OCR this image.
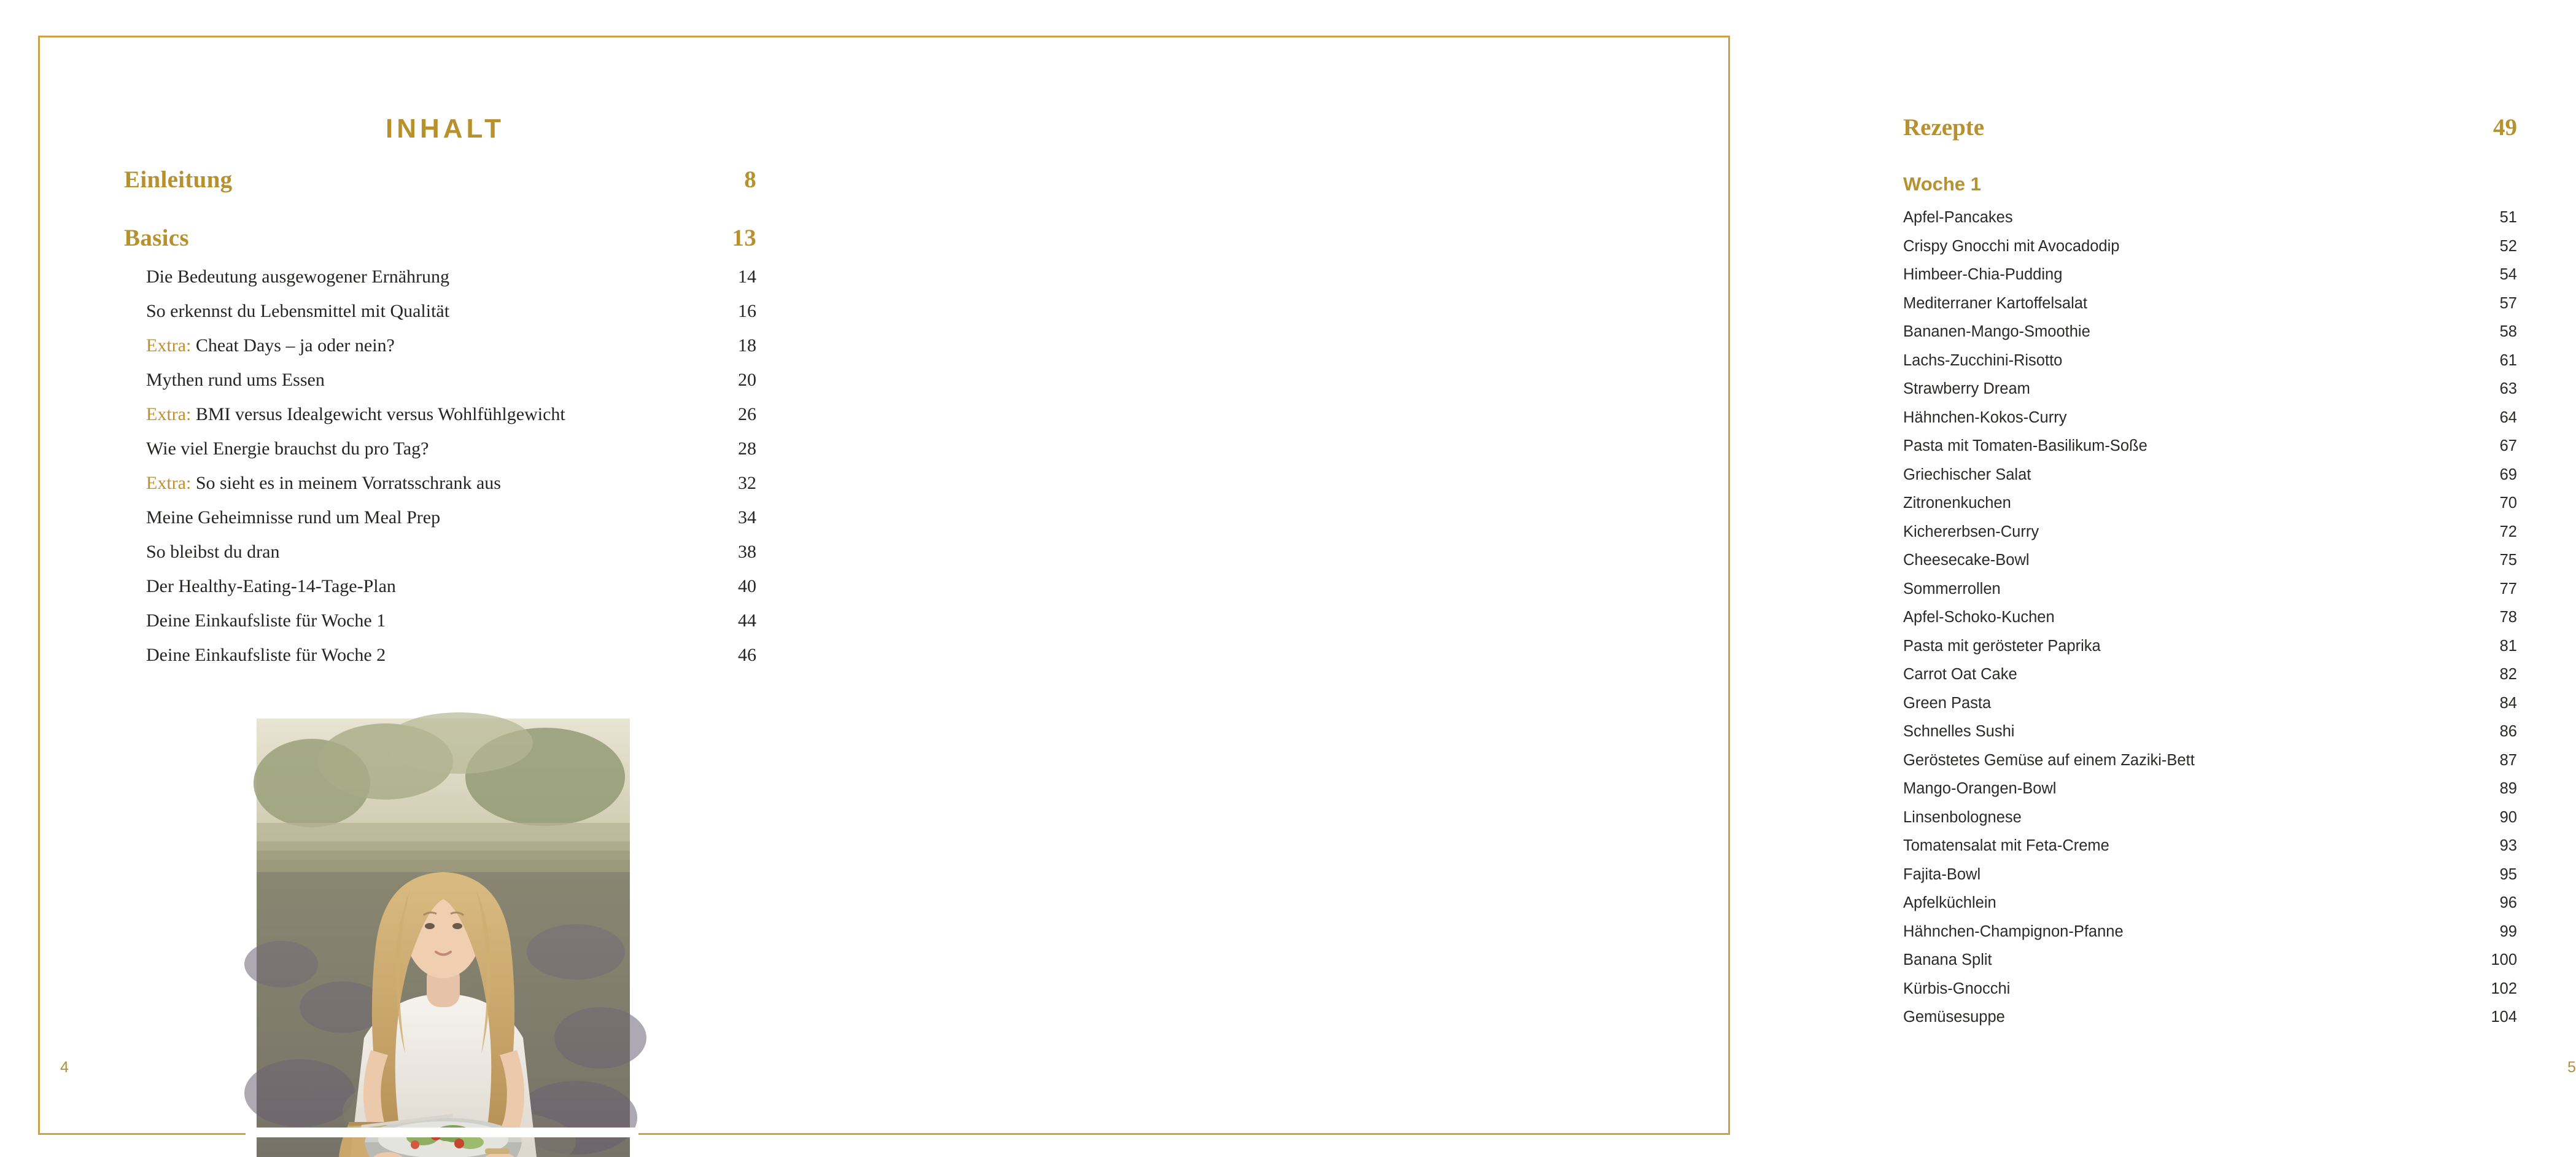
INHALT
Einleitung	8
Basics	13
Die Bedeutung ausgewogener Ernährung	14
So erkennst du Lebensmittel mit Qualität	16
Extra: Cheat Days – ja oder nein?	18
Mythen rund ums Essen	20
Extra: BMI versus Idealgewicht versus Wohlfühlgewicht	26
Wie viel Energie brauchst du pro Tag?	28
Extra: So sieht es in meinem Vorratsschrank aus	32
Meine Geheimnisse rund um Meal Prep	34
So bleibst du dran	38
Der Healthy-Eating-14-Tage-Plan	40
Deine Einkaufsliste für Woche 1	44
Deine Einkaufsliste für Woche 2	46
4
Rezepte	49
Woche 1
Apfel-Pancakes	51
Crispy Gnocchi mit Avocadodip	52
Himbeer-Chia-Pudding	54
Mediterraner Kartoffelsalat	57
Bananen-Mango-Smoothie	58
Lachs-Zucchini-Risotto	61
Strawberry Dream	63
Hähnchen-Kokos-Curry	64
Pasta mit Tomaten-Basilikum-Soße	67
Griechischer Salat	69
Zitronenkuchen	70
Kichererbsen-Curry	72
Cheesecake-Bowl	75
Sommerrollen	77
Apfel-Schoko-Kuchen	78
Pasta mit gerösteter Paprika	81
Carrot Oat Cake	82
Green Pasta	84
Schnelles Sushi	86
Geröstetes Gemüse auf einem Zaziki-Bett	87
Mango-Orangen-Bowl	89
Linsenbolognese	90
Tomatensalat mit Feta-Creme	93
Fajita-Bowl	95
Apfelküchlein	96
Hähnchen-Champignon-Pfanne	99
Banana Split	100
Kürbis-Gnocchi	102
Gemüsesuppe	104
5
